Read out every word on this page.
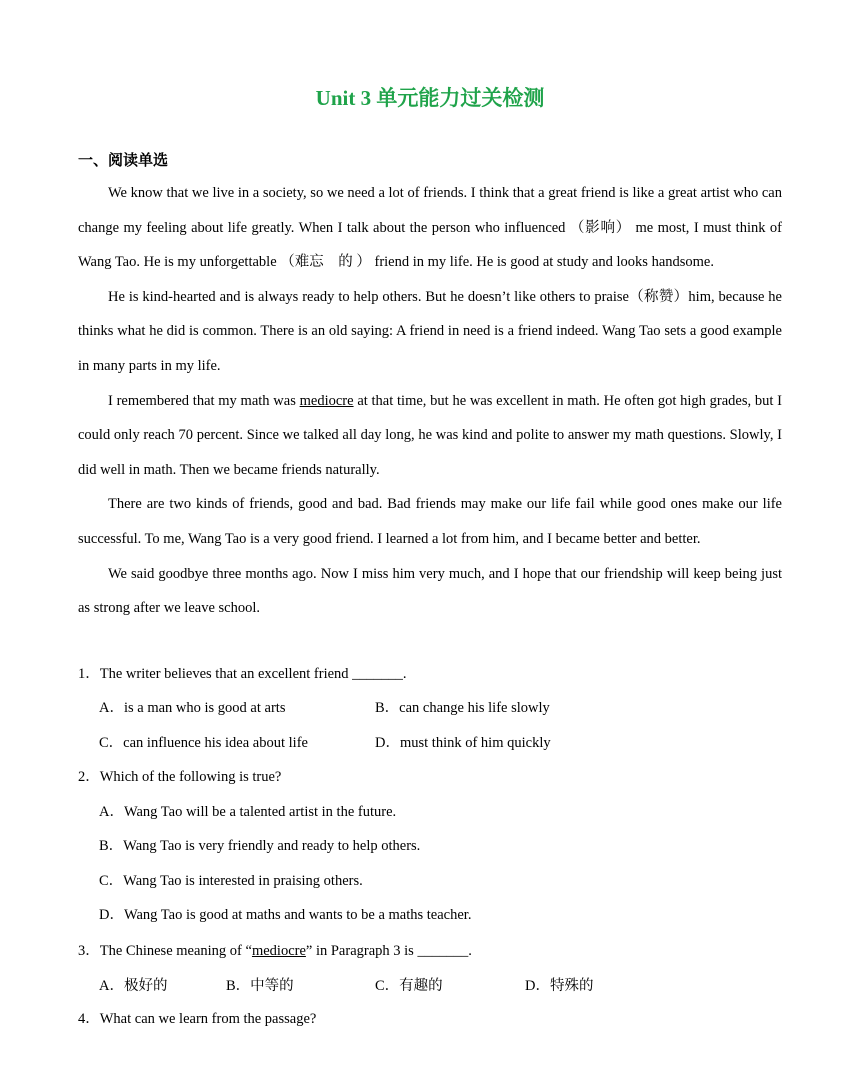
Unit 3 单元能力过关检测
一、阅读单选

We know that we live in a society, so we need a lot of friends. I think that a great friend is like a great artist who can change my feeling about life greatly. When I talk about the person who influenced （影响） me most, I must think of Wang Tao. He is my unforgettable （难忘　的 ） friend in my life. He is good at study and looks handsome.

He is kind-hearted and is always ready to help others. But he doesn’t like others to praise（称赞）him, because he thinks what he did is common. There is an old saying: A friend in need is a friend indeed. Wang Tao sets a good example in many parts in my life.

I remembered that my math was mediocre at that time, but he was excellent in math. He often got high grades, but I could only reach 70 percent. Since we talked all day long, he was kind and polite to answer my math questions. Slowly, I did well in math. Then we became friends naturally.

There are two kinds of friends, good and bad. Bad friends may make our life fail while good ones make our life successful. To me, Wang Tao is a very good friend. I learned a lot from him, and I became better and better.

We said goodbye three months ago. Now I miss him very much, and I hope that our friendship will keep being just as strong after we leave school.

1．The writer believes that an excellent friend _______.
A．is a man who is good at arts	B．can change his life slowly
C．can influence his idea about life	D．must think of him quickly
2．Which of the following is true?
A．Wang Tao will be a talented artist in the future.
B．Wang Tao is very friendly and ready to help others.
C．Wang Tao is interested in praising others.
D．Wang Tao is good at maths and wants to be a maths teacher.
3．The Chinese meaning of “mediocre” in Paragraph 3 is _______.
A．极好的	B．中等的	C．有趣的	D．特殊的
4．What can we learn from the passage?
